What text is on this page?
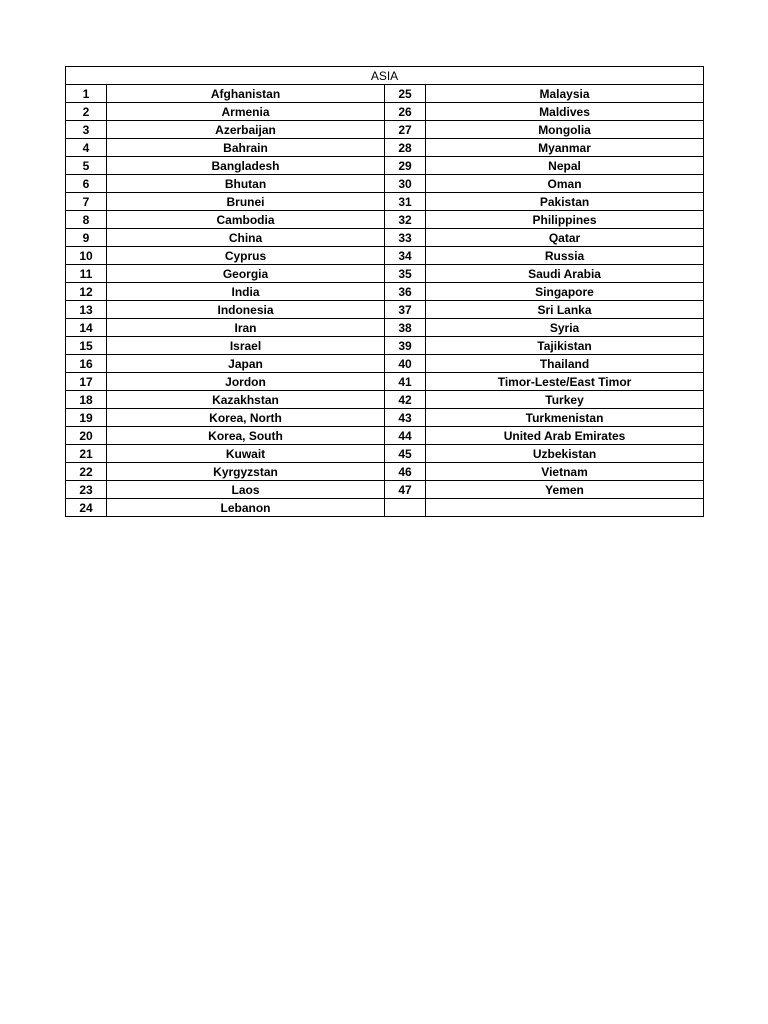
ASIA			
1	Afghanistan	25	Malaysia
2	Armenia	26	Maldives
3	Azerbaijan	27	Mongolia
4	Bahrain	28	Myanmar
5	Bangladesh	29	Nepal
6	Bhutan	30	Oman
7	Brunei	31	Pakistan
8	Cambodia	32	Philippines
9	China	33	Qatar
10	Cyprus	34	Russia
11	Georgia	35	Saudi Arabia
12	India	36	Singapore
13	Indonesia	37	Sri Lanka
14	Iran	38	Syria
15	Israel	39	Tajikistan
16	Japan	40	Thailand
17	Jordon	41	Timor-Leste/East Timor
18	Kazakhstan	42	Turkey
19	Korea, North	43	Turkmenistan
20	Korea, South	44	United Arab Emirates
21	Kuwait	45	Uzbekistan
22	Kyrgyzstan	46	Vietnam
23	Laos	47	Yemen
24	Lebanon		
